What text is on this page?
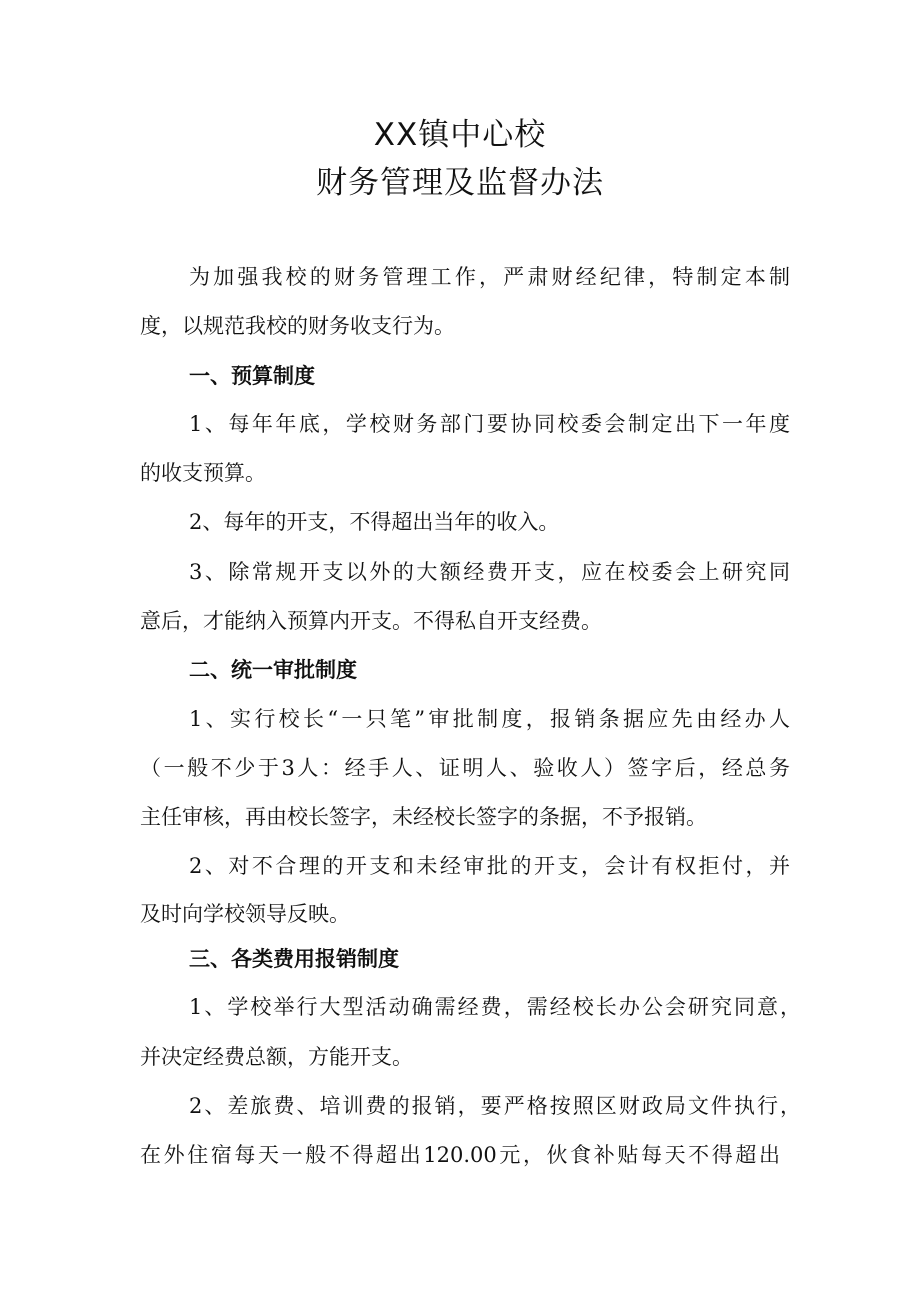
XX镇中心校
财务管理及监督办法
为加强我校的财务管理工作，严肃财经纪律，特制定本制
度，以规范我校的财务收支行为。
一、预算制度
1、每年年底，学校财务部门要协同校委会制定出下一年度
的收支预算。
2、每年的开支，不得超出当年的收入。
3、除常规开支以外的大额经费开支，应在校委会上研究同
意后，才能纳入预算内开支。不得私自开支经费。
二、统一审批制度
1、实行校长“一只笔”审批制度，报销条据应先由经办人
（一般不少于3人：经手人、证明人、验收人）签字后，经总务
主任审核，再由校长签字，未经校长签字的条据，不予报销。
2、对不合理的开支和未经审批的开支，会计有权拒付，并
及时向学校领导反映。
三、各类费用报销制度
1、学校举行大型活动确需经费，需经校长办公会研究同意，
并决定经费总额，方能开支。
2、差旅费、培训费的报销，要严格按照区财政局文件执行，
在外住宿每天一般不得超出120.00元，伙食补贴每天不得超出
